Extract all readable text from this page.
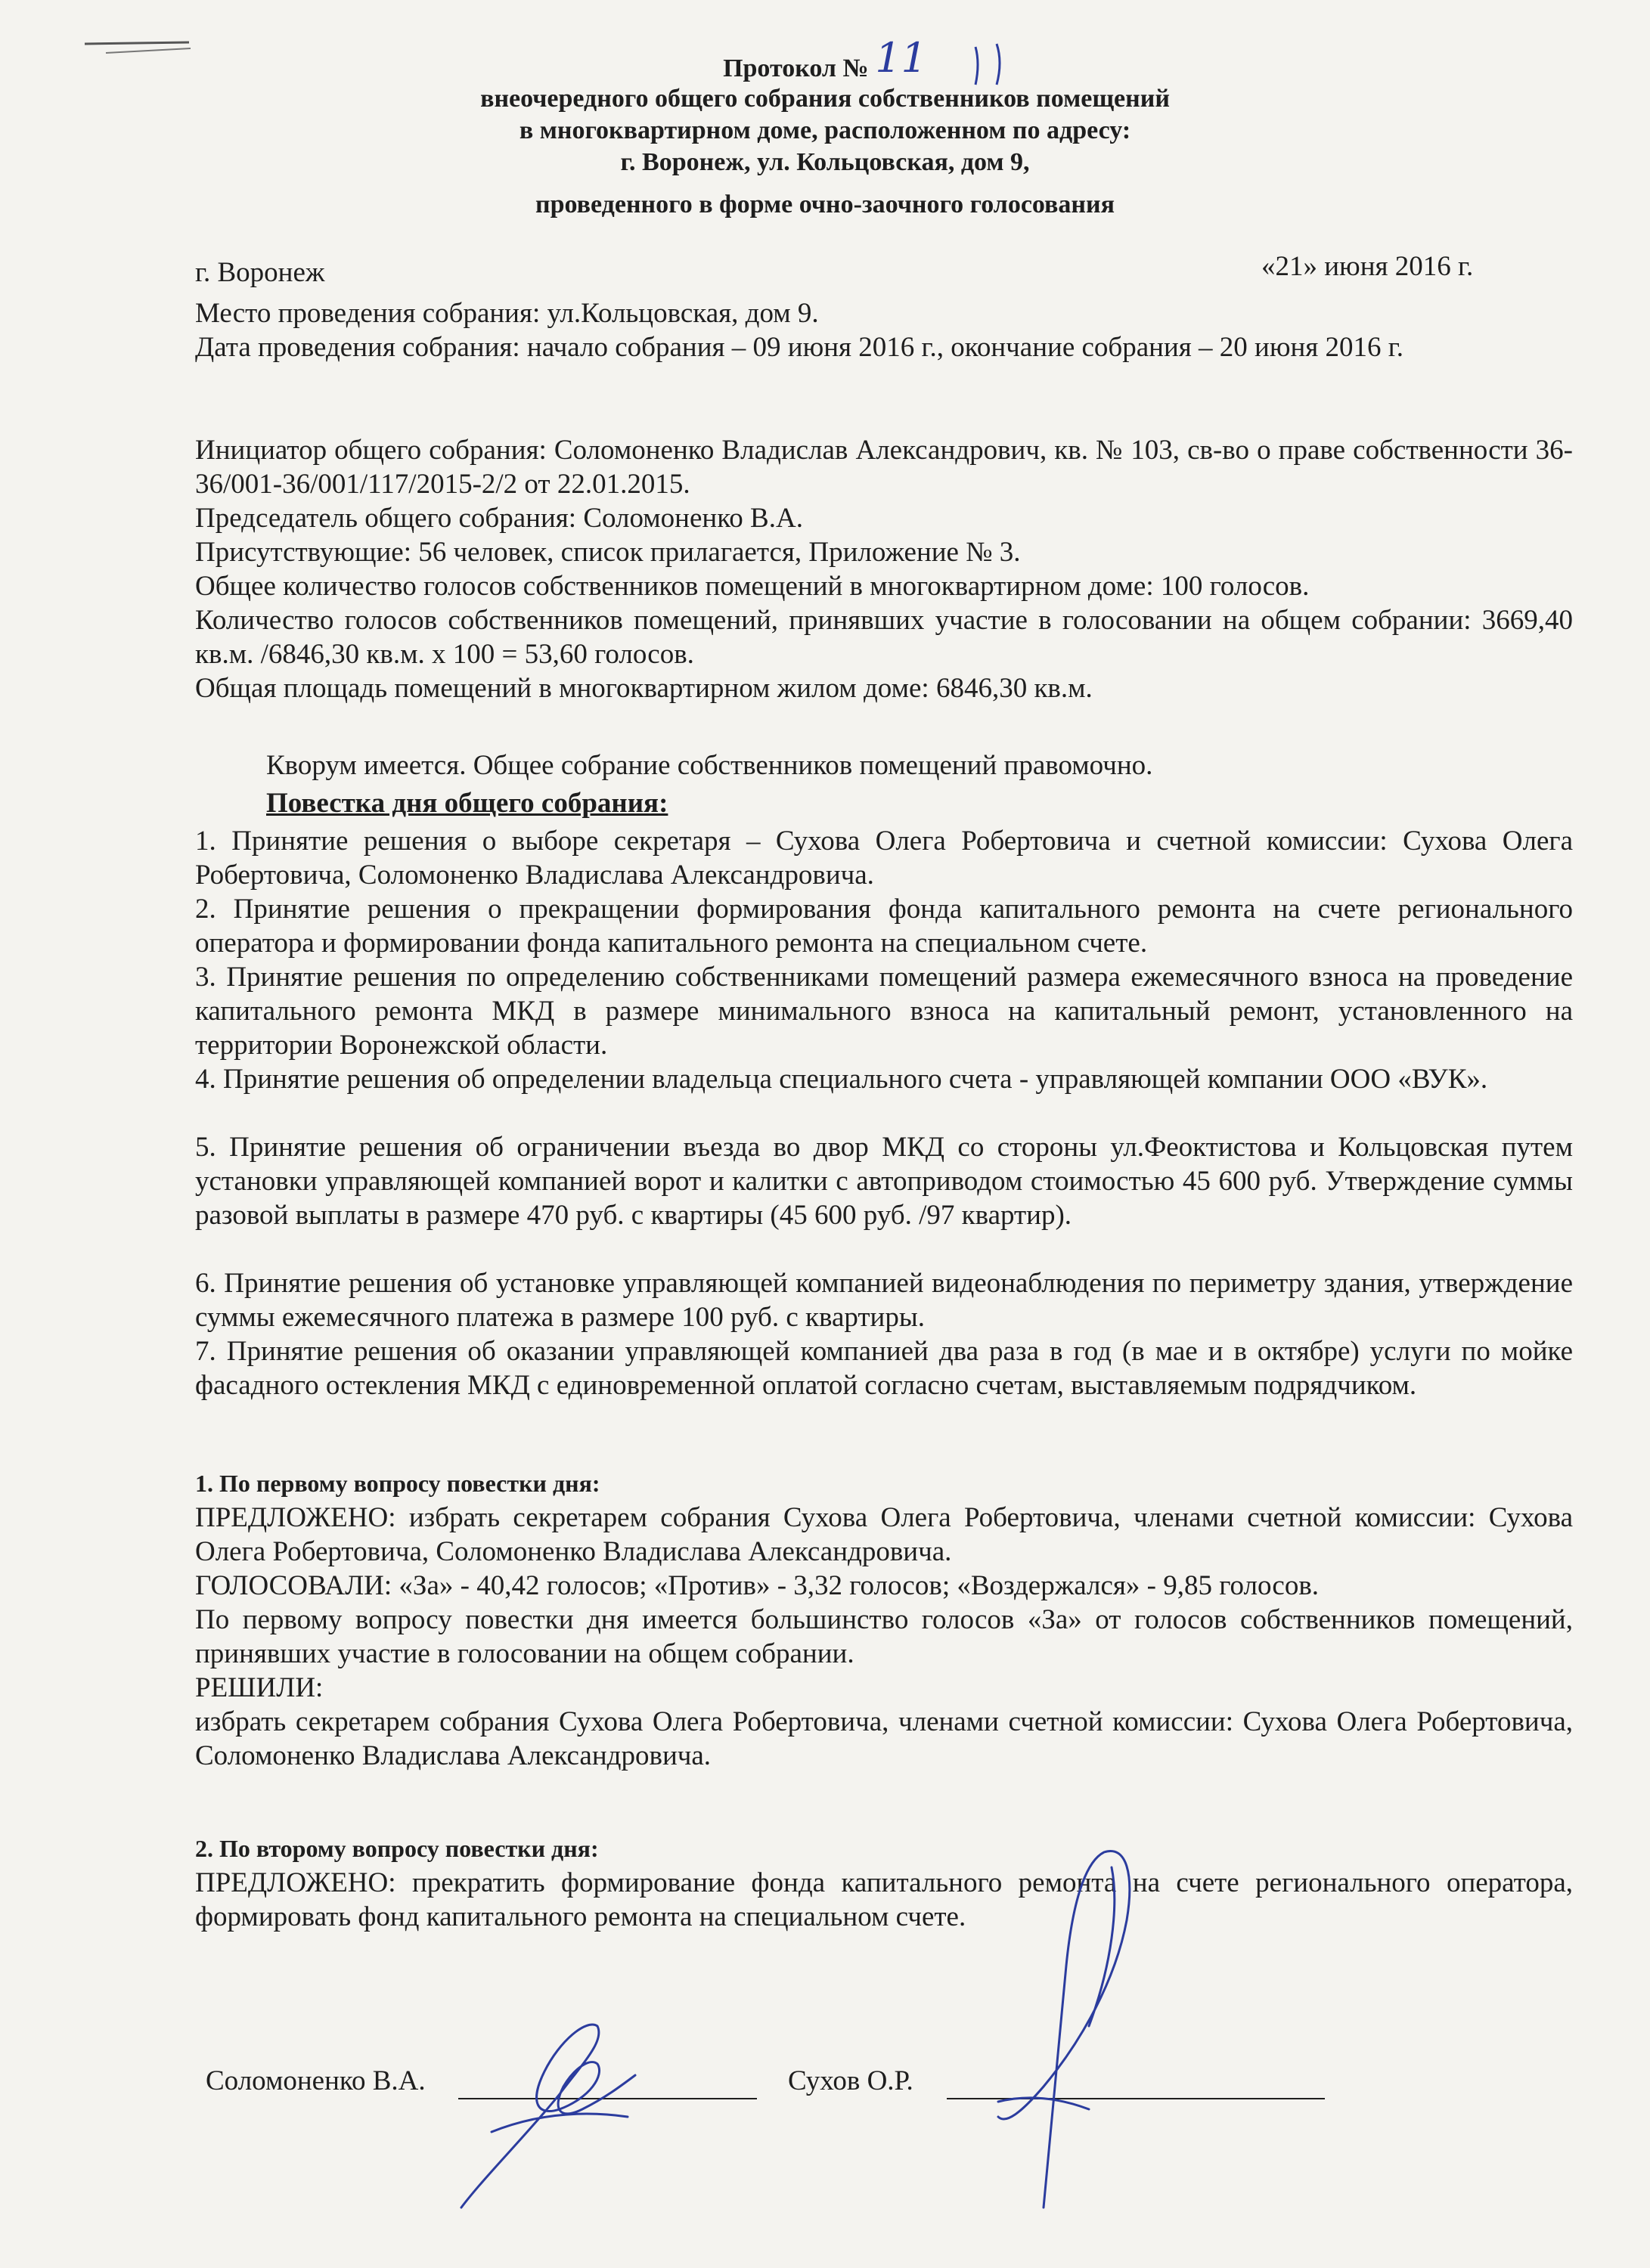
Протокол № 11

внеочередного общего собрания собственников помещений

в многоквартирном доме, расположенном по адресу:

г. Воронеж, ул. Кольцовская, дом 9,

проведенного в форме очно-заочного голосования

г. Воронеж	«21» июня 2016 г.

Место проведения собрания: ул.Кольцовская, дом 9.

Дата проведения собрания: начало собрания – 09 июня 2016 г., окончание собрания – 20 июня 2016 г.

Инициатор общего собрания: Соломоненко Владислав Александрович, кв. № 103, св-во о праве собственности 36-36/001-36/001/117/2015-2/2 от 22.01.2015.

Председатель общего собрания: Соломоненко В.А.

Присутствующие: 56 человек, список прилагается, Приложение № 3.

Общее количество голосов собственников помещений в многоквартирном доме: 100 голосов.

Количество голосов собственников помещений, принявших участие в голосовании на общем собрании: 3669,40 кв.м. /6846,30 кв.м. х 100 = 53,60 голосов.

Общая площадь помещений в многоквартирном жилом доме: 6846,30 кв.м.

Кворум имеется. Общее собрание собственников помещений правомочно.

Повестка дня общего собрания:

1. Принятие решения о выборе секретаря – Сухова Олега Робертовича и счетной комиссии: Сухова Олега Робертовича, Соломоненко Владислава Александровича.

2. Принятие решения о прекращении формирования фонда капитального ремонта на счете регионального оператора и формировании фонда капитального ремонта на специальном счете.

3. Принятие решения по определению собственниками помещений размера ежемесячного взноса на проведение капитального ремонта МКД в размере минимального взноса на капитальный ремонт, установленного на территории Воронежской области.

4. Принятие решения об определении владельца специального счета - управляющей компании ООО «ВУК».

5. Принятие решения об ограничении въезда во двор МКД со стороны ул.Феоктистова и Кольцовская путем установки управляющей компанией ворот и калитки с автоприводом стоимостью 45 600 руб. Утверждение суммы разовой выплаты в размере 470 руб. с квартиры (45 600 руб. /97 квартир).

6. Принятие решения об установке управляющей компанией видеонаблюдения по периметру здания, утверждение суммы ежемесячного платежа в размере 100 руб. с квартиры.

7. Принятие решения об оказании управляющей компанией два раза в год (в мае и в октябре) услуги по мойке фасадного остекления МКД с единовременной оплатой согласно счетам, выставляемым подрядчиком.

1. По первому вопросу повестки дня:

ПРЕДЛОЖЕНО: избрать секретарем собрания Сухова Олега Робертовича, членами счетной комиссии: Сухова Олега Робертовича, Соломоненко Владислава Александровича.

ГОЛОСОВАЛИ: «За» - 40,42 голосов; «Против» - 3,32 голосов; «Воздержался» - 9,85 голосов.

По первому вопросу повестки дня имеется большинство голосов «За» от голосов собственников помещений, принявших участие в голосовании на общем собрании.

РЕШИЛИ:

избрать секретарем собрания Сухова Олега Робертовича, членами счетной комиссии: Сухова Олега Робертовича, Соломоненко Владислава Александровича.

2. По второму вопросу повестки дня:

ПРЕДЛОЖЕНО: прекратить формирование фонда капитального ремонта на счете регионального оператора, формировать фонд капитального ремонта на специальном счете.

Соломоненко В.А.	Сухов О.Р.
